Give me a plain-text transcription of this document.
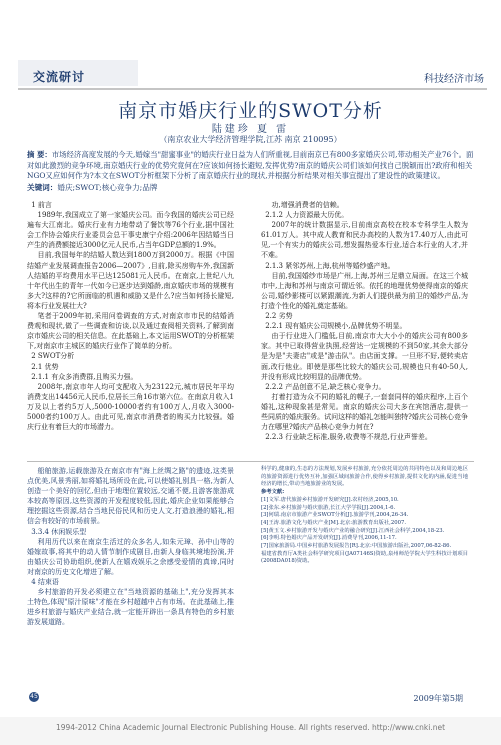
交流研讨	科技经济市场
南京市婚庆行业的SWOT分析
陆建珍 夏 雷
（南京农业大学经济管理学院,江苏 南京 210095）
摘 要：市场经济高度发展的今天,婚嫁当"甜蜜事业"的婚庆行业日益为人们所重视,目前南京已有800多家婚庆公司,带动相关产业76个。面对如此激烈的竞争环境,南京婚庆行业的优势究竟何在?应该如何扬长避短,发挥优势?南京的婚庆公司们该如何找自己脱颖而出?政府和相关NGO又应如何作为?本文在SWOT分析框架下分析了南京婚庆行业的现状,并根据分析结果对相关事宜提出了建设性的政策建议。
关键词：婚庆;SWOT;核心竞争力;品牌

1 前言

1989年,我国成立了第一家婚庆公司。而今我国的婚庆公司已经遍布大江南北。婚庆行业有力地带动了餐饮等76个行业,据中国社会工作协会婚庆行业委员会总干事史康宁介绍:2006年因结婚当日产生的消费额接近3000亿元人民币,占当年GDP总额的1.9%。

目前,我国每年的结婚人数达到1800万到2000万。根据《中国结婚产业发展调查报告2006—2007》,目前,除买房购车外,我国新人结婚的平均费用水平已达125081元人民币。在南京,上世纪八九十年代出生的青年一代如今已逐步达到婚龄,南京婚庆市场的规模有多大?这样的?它所面临的机遇和威胁又是什么?应当如何扬长避短,将本行业发展壮大?

笔者于2009年初,采用问卷调查的方式,对南京市市民的结婚消费观和现状,做了一些调查和访谈,以及通过查阅相关资料,了解到南京市婚庆公司的相关信息。在此基础上,本文运用SWOT的分析框架下,对南京市主城区的婚庆行业作了简单的分析。

2 SWOT分析

2.1 优势

2.1.1 有众多消费群,且购买力强。

2008年,南京市年人均可支配收入为23122元,城市居民年平均消费支出14456元人民币,位居长三角16市第六位。在南京月收入1万及以上者约5万人,5000-10000者约有100万人,月收入3000-5000者约100万人。由此可见,南京市消费者的购买力比较强。婚庆行业有着巨大的市场潜力。

功,增强消费者的信赖。

2.1.2 人力资源最大历优。

2007年的统计数据显示,目前南京高校在校本专科学生人数为61.01万人。其中成人教育和民办高校的人数为17.40万人,由此可见,一个有实力的婚庆公司,想发掘热爱本行业,适合本行业的人才,并不难。

2.1.3 紧邻苏州,上海,杭州等婚纱盛产地。

目前,我国婚纱市场是广州,上海,苏州三足鼎立局面。在这三个城市中,上海和苏州与南京可谓近邻。依托的地理优势使得南京的婚庆公司,婚纱影楼可以紧跟潮流,为新人们提供最为前卫的婚纱产品,为打造个性化的婚礼奠定基础。

2.2 劣势

2.2.1 现有婚庆公司规模小,品牌优势不明显。

由于行业进入门槛低,目前,南京市大大小小的婚庆公司有800多家。其中已取得营业执照,经营达一定规模的不到50家,其余大部分是为是"夫妻店"或是"游击队"。由店面支撑。一旦形不好,便转卖店面,改行他业。即使是那些比较大的婚庆公司,规模也只有40-50人,并没有形成比较明显的品牌优势。

2.2.2 产品创意不足,缺乏核心竞争力。

打着打造为众不同的婚礼的幌子,一套套同样的婚庆程序,上百个婚礼,这种现象甚是常见。南京的婚庆公司大多在宾馆酒店,提供一些同质的婚庆服务。试问这样的婚礼怎能叫独特?婚庆公司核心竞争力在哪里?婚庆产品核心竞争力何在?

2.2.3 行业缺乏标准,服务,收费等不规范,行业声誉差。

船舶旅游,运载旅游及在南京市有"海上丝绸之路"的遗迹,这类景点优美,风景秀丽,如将婚礼场所设在此,可以使婚礼别具一格,为新人创造一个美好的回忆,但由于地理位置较远,交通不便,且游客旅游成本较高等原因,这些资源的开发程度较低,因此,婚庆企业如果能够合理挖掘这些资源,结合当地民俗民风和历史人文,打造浪漫的婚礼,相信会有较好的市场前景。

3.3.4 休闲娱乐型

利用历代以来在南京生活过的众多名人,如朱元璋、孙中山等的婚嫁故事,将其中的动人情节制作成剧目,由新人身临其境地扮演,并由婚庆公司协助组织,使新人在嬉戏娱乐之余感受爱情的真谛,同时对南京的历史文化增进了解。

4 结束语

乡村旅游的开发必须建立在"当地资源的基础上",充分发挥其本土特色,体现"原汁原味"才能在乡村超越中占有市场。在此基础上,推进乡村旅游与婚庆产业结合,就一定能开辟出一条具有特色的乡村旅游发展道路。

科学的,健康的,生态的方法规划,发展乡村旅游,充分依托周边的共同特色以及和周边地区的旅游资源进行优势互补,加强区域间旅游合作,使得乡村旅游,提供文化的内涵,促进当地经济的增长,带动当地旅游业的发展。

参考文献:

[1]文军.唐代旅游乡村旅游开发研究[J].农村经济,2005,10.

[2]张东.乡村旅游与婚庆旅游,长江大学学报[J].2004,1-6.

[3]何瑞.南京市旅游产业SWOT分析[J].旅游学刊,2004,26-34.

[4]王涛.旅游文化与婚庆产业[M].北京:旅游教育出版社,2007.

[5]黄玉文.乡村旅游开发与婚庆产业的融合研究[J].江西社会科学,2004,18-23.

[6]李明.特色婚庆产品开发研究[J].消费导刊,2006,11-17.

[7]国家旅游局.中国乡村旅游发展报告[R].北京:中国旅游出版社,2007,06-82-86.

福建省教育厅A类社会科学研究项目(JA07146S)资助,泉州师范学院大学生科技计划项目(2008DA018)资助。

45	2009年第5期
1994-2012 China Academic Journal Electronic Publishing House. All rights reserved. http://www.cnki.net
